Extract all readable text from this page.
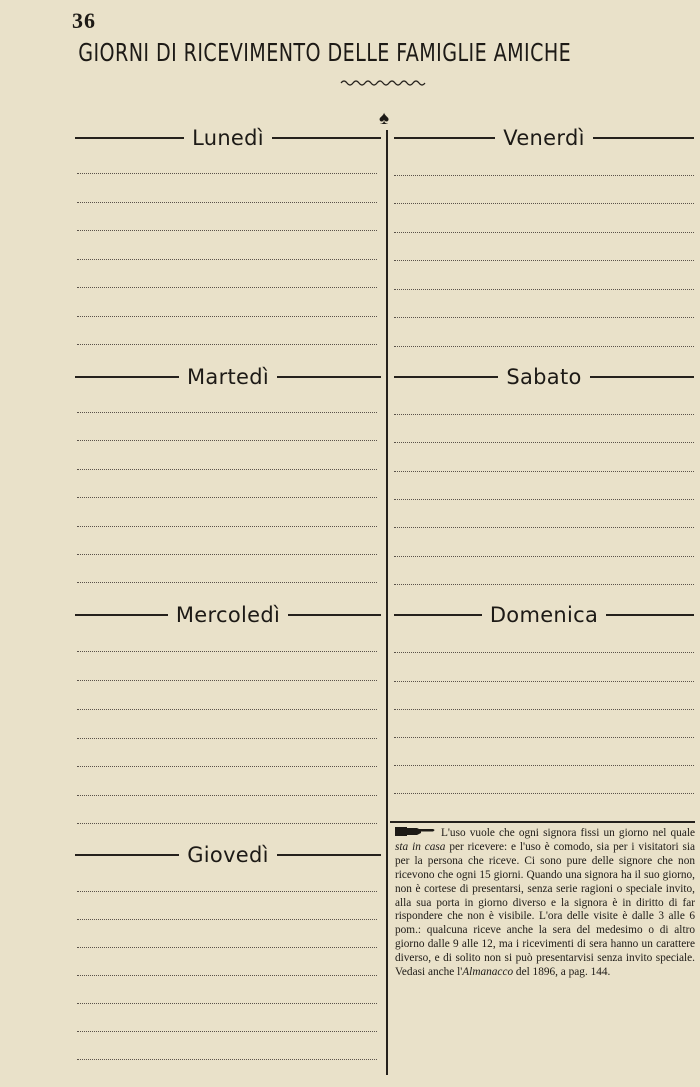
36
GIORNI DI RICEVIMENTO DELLE FAMIGLIE AMICHE
♠
Lunedì
Martedì
Mercoledì
Giovedì
Venerdì
Sabato
Domenica
L'uso vuole che ogni signora fissi un giorno nel quale sta in casa per ricevere: e l'uso è comodo, sia per i visitatori sia per la persona che riceve. Ci sono pure delle signore che non ricevono che ogni 15 giorni. Quando una signora ha il suo giorno, non è cortese di presentarsi, senza serie ragioni o speciale invito, alla sua porta in giorno diverso e la signora è in diritto di far rispondere che non è visibile. L'ora delle visite è dalle 3 alle 6 pom.: qualcuna riceve anche la sera del medesimo o di altro giorno dalle 9 alle 12, ma i ricevimenti di sera hanno un carattere diverso, e di solito non si può presentarvisi senza invito speciale. Vedasi anche l'Almanacco del 1896, a pag. 144.
